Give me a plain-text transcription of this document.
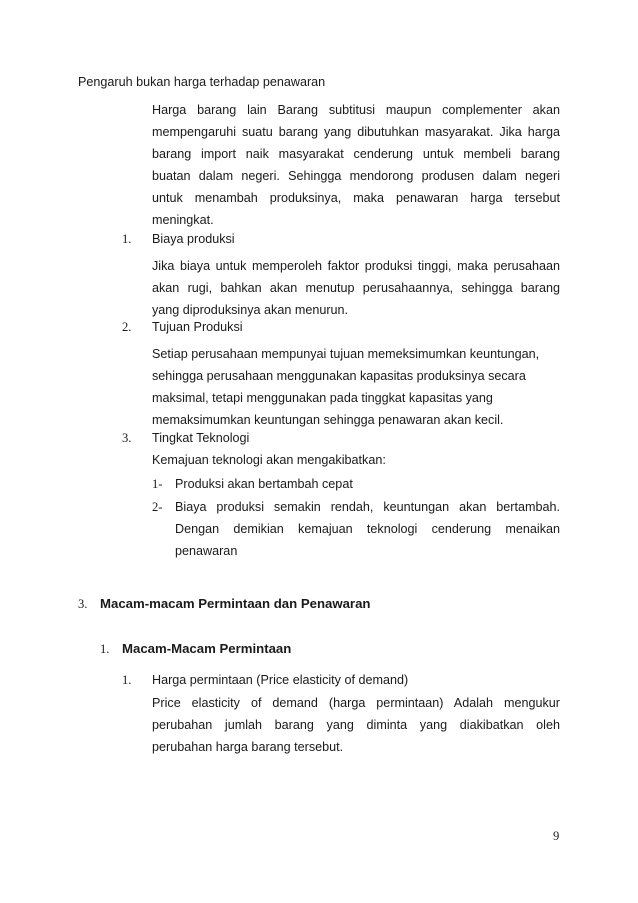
Pengaruh bukan harga terhadap penawaran
Harga barang lain Barang subtitusi maupun complementer akan
mempengaruhi suatu barang yang dibutuhkan masyarakat. Jika harga
barang import naik masyarakat cenderung untuk membeli barang
buatan dalam negeri. Sehingga mendorong produsen dalam negeri
untuk menambah produksinya, maka penawaran harga tersebut
meningkat.
1. Biaya produksi
Jika biaya untuk memperoleh faktor produksi tinggi, maka perusahaan
akan rugi, bahkan akan menutup perusahaannya, sehingga barang
yang diproduksinya akan menurun.
2. Tujuan Produksi
Setiap perusahaan mempunyai tujuan memeksimumkan keuntungan,
sehingga perusahaan menggunakan kapasitas produksinya secara
maksimal, tetapi menggunakan pada tinggkat kapasitas yang
memaksimumkan keuntungan sehingga penawaran akan kecil.
3. Tingkat Teknologi
Kemajuan teknologi akan mengakibatkan:
1- Produksi akan bertambah cepat
2- Biaya produksi semakin rendah, keuntungan akan bertambah.
Dengan demikian kemajuan teknologi cenderung menaikan
penawaran
3. Macam-macam Permintaan dan Penawaran
1. Macam-Macam Permintaan
1. Harga permintaan (Price elasticity of demand)
Price elasticity of demand (harga permintaan) Adalah mengukur
perubahan jumlah barang yang diminta yang diakibatkan oleh
perubahan harga barang tersebut.
9
